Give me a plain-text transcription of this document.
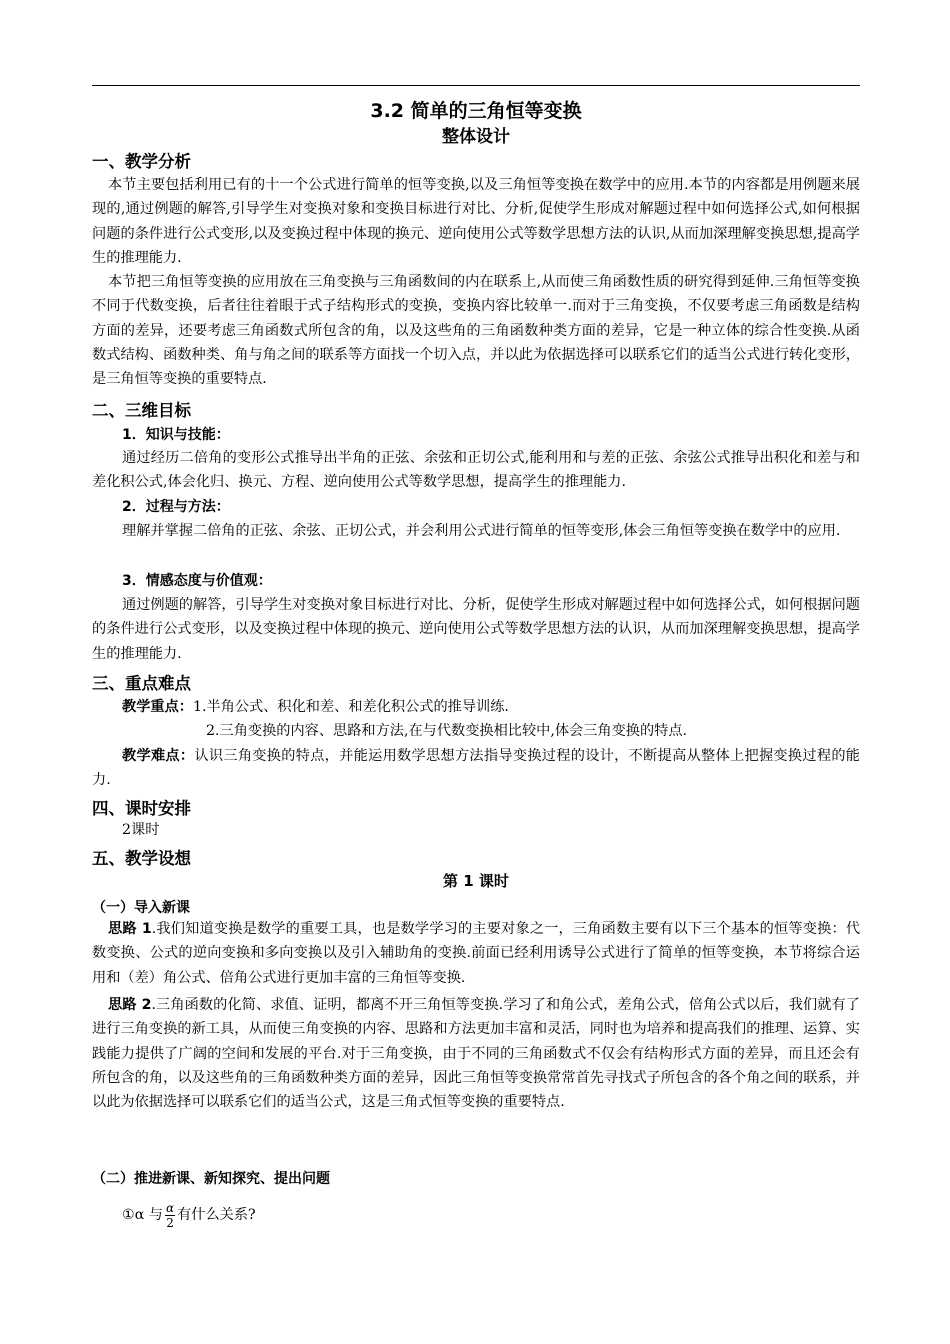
3.2 简单的三角恒等变换
整体设计
一、教学分析
本节主要包括利用已有的十一个公式进行简单的恒等变换,以及三角恒等变换在数学中的应用.本节的内容都是用例题来展现的,通过例题的解答,引导学生对变换对象和变换目标进行对比、分析,促使学生形成对解题过程中如何选择公式,如何根据问题的条件进行公式变形,以及变换过程中体现的换元、逆向使用公式等数学思想方法的认识,从而加深理解变换思想,提高学生的推理能力.
本节把三角恒等变换的应用放在三角变换与三角函数间的内在联系上,从而使三角函数性质的研究得到延伸.三角恒等变换不同于代数变换，后者往往着眼于式子结构形式的变换，变换内容比较单一.而对于三角变换，不仅要考虑三角函数是结构方面的差异，还要考虑三角函数式所包含的角，以及这些角的三角函数种类方面的差异，它是一种立体的综合性变换.从函数式结构、函数种类、角与角之间的联系等方面找一个切入点，并以此为依据选择可以联系它们的适当公式进行转化变形，是三角恒等变换的重要特点.
二、三维目标
1．知识与技能：
通过经历二倍角的变形公式推导出半角的正弦、余弦和正切公式,能利用和与差的正弦、余弦公式推导出积化和差与和差化积公式,体会化归、换元、方程、逆向使用公式等数学思想，提高学生的推理能力.
2．过程与方法：
理解并掌握二倍角的正弦、余弦、正切公式，并会利用公式进行简单的恒等变形,体会三角恒等变换在数学中的应用.
3．情感态度与价值观：
通过例题的解答，引导学生对变换对象目标进行对比、分析，促使学生形成对解题过程中如何选择公式，如何根据问题的条件进行公式变形，以及变换过程中体现的换元、逆向使用公式等数学思想方法的认识，从而加深理解变换思想，提高学生的推理能力.
三、重点难点
教学重点：1.半角公式、积化和差、和差化积公式的推导训练.
2.三角变换的内容、思路和方法,在与代数变换相比较中,体会三角变换的特点.
教学难点：认识三角变换的特点，并能运用数学思想方法指导变换过程的设计，不断提高从整体上把握变换过程的能力.
四、课时安排
2课时
五、教学设想
第 1 课时
（一）导入新课
思路 1.我们知道变换是数学的重要工具，也是数学学习的主要对象之一，三角函数主要有以下三个基本的恒等变换：代数变换、公式的逆向变换和多向变换以及引入辅助角的变换.前面已经利用诱导公式进行了简单的恒等变换，本节将综合运用和（差）角公式、倍角公式进行更加丰富的三角恒等变换.
思路 2.三角函数的化简、求值、证明，都离不开三角恒等变换.学习了和角公式，差角公式，倍角公式以后，我们就有了进行三角变换的新工具，从而使三角变换的内容、思路和方法更加丰富和灵活，同时也为培养和提高我们的推理、运算、实践能力提供了广阔的空间和发展的平台.对于三角变换，由于不同的三角函数式不仅会有结构形式方面的差异，而且还会有所包含的角，以及这些角的三角函数种类方面的差异，因此三角恒等变换常常首先寻找式子所包含的各个角之间的联系，并以此为依据选择可以联系它们的适当公式，这是三角式恒等变换的重要特点.
（二）推进新课、新知探究、提出问题
①α 与 $\frac{\alpha}{2}$ 有什么关系?
